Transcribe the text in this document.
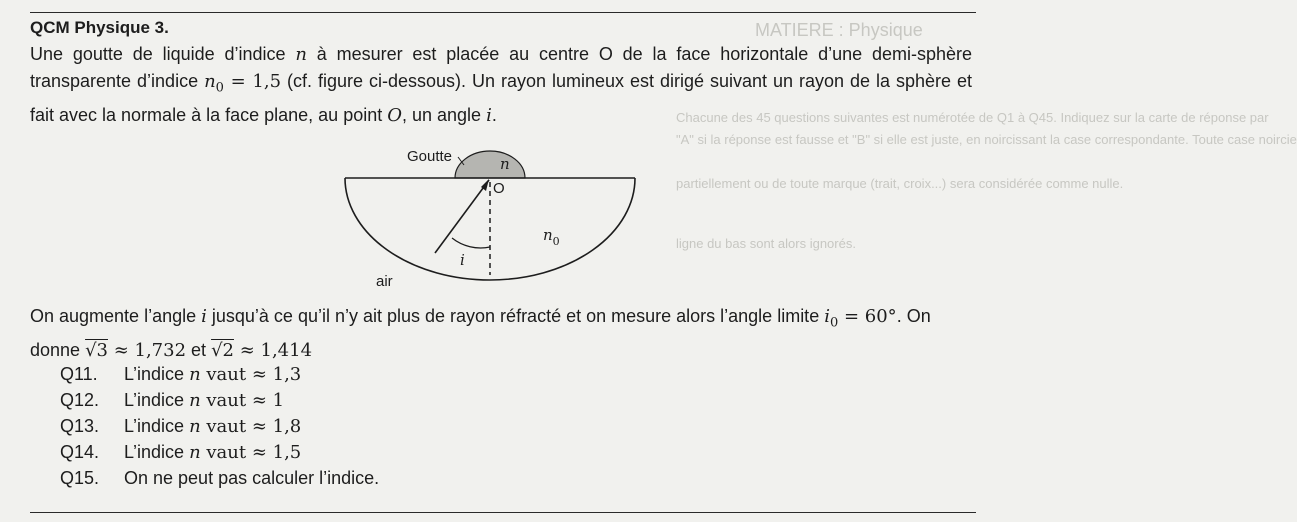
MATIERE : Physique
Chacune des 45 questions suivantes est numérotée de Q1 à Q45. Indiquez sur la carte de réponse par
"A" si la réponse est fausse et "B" si elle est juste, en noircissant la case correspondante. Toute case noircie
partiellement ou de toute marque (trait, croix...) sera considérée comme nulle.
ligne du bas sont alors ignorés.
QCM Physique 3.
Une goutte de liquide d’indice n à mesurer est placée au centre O de la face horizontale d’une demi-sphère transparente d’indice $n_0 = 1,5$ (cf. figure ci-dessous). Un rayon lumineux est dirigé suivant un rayon de la sphère et fait avec la normale à la face plane, au point O, un angle i.
Goutte	n
O
$n_0$
i
air
On augmente l’angle i jusqu’à ce qu’il n’y ait plus de rayon réfracté et on mesure alors l’angle limite $i_0 = 60^\circ$. On donne √3 ≈ 1,732 et √2 ≈ 1,414
Q11. L’indice n vaut ≈ 1,3
Q12. L’indice n vaut ≈ 1
Q13. L’indice n vaut ≈ 1,8
Q14. L’indice n vaut ≈ 1,5
Q15. On ne peut pas calculer l’indice.
